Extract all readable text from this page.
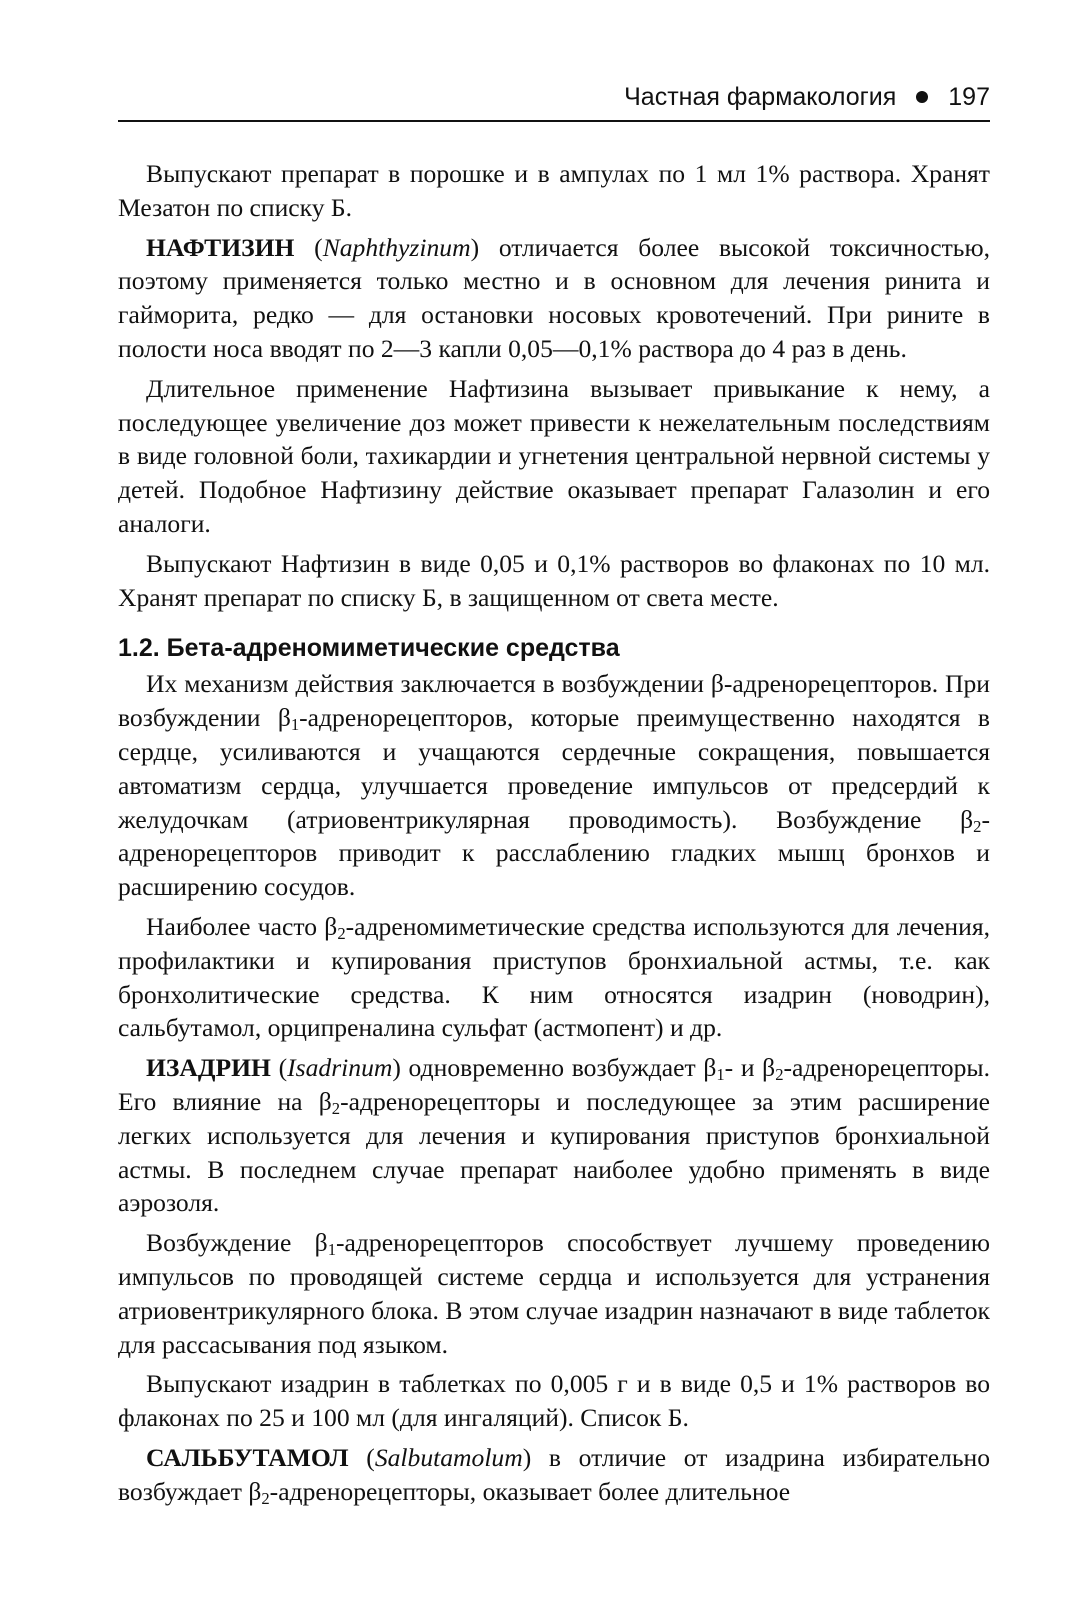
Частная фармакология 197

Выпускают препарат в порошке и в ампулах по 1 мл 1% раствора. Хранят Мезатон по списку Б.

НАФТИЗИН (Naphthyzinum) отличается более высокой токсичностью, поэтому применяется только местно и в основном для лечения ринита и гайморита, редко — для остановки носовых кровотечений. При рините в полости носа вводят по 2—3 капли 0,05—0,1% раствора до 4 раз в день.

Длительное применение Нафтизина вызывает привыкание к нему, а последующее увеличение доз может привести к нежелательным последствиям в виде головной боли, тахикардии и угнетения центральной нервной системы у детей. Подобное Нафтизину действие оказывает препарат Галазолин и его аналоги.

Выпускают Нафтизин в виде 0,05 и 0,1% растворов во флаконах по 10 мл. Хранят препарат по списку Б, в защищенном от света месте.

1.2. Бета-адреномиметические средства

Их механизм действия заключается в возбуждении β-адренорецепторов. При возбуждении $\beta_1$-адренорецепторов, которые преимущественно находятся в сердце, усиливаются и учащаются сердечные сокращения, повышается автоматизм сердца, улучшается проведение импульсов от предсердий к желудочкам (атриовентрикулярная проводимость). Возбуждение $\beta_2$-адренорецепторов приводит к расслаблению гладких мышц бронхов и расширению сосудов.

Наиболее часто $\beta_2$-адреномиметические средства используются для лечения, профилактики и купирования приступов бронхиальной астмы, т.е. как бронхолитические средства. К ним относятся изадрин (новодрин), сальбутамол, орципреналина сульфат (астмопент) и др.

ИЗАДРИН (Isadrinum) одновременно возбуждает $\beta_1-$ и $\beta_2$-адренорецепторы. Его влияние на $\beta_2$-адренорецепторы и последующее за этим расширение легких используется для лечения и купирования приступов бронхиальной астмы. В последнем случае препарат наиболее удобно применять в виде аэрозоля.

Возбуждение $\beta_1$-адренорецепторов способствует лучшему проведению импульсов по проводящей системе сердца и используется для устранения атриовентрикулярного блока. В этом случае изадрин назначают в виде таблеток для рассасывания под языком.

Выпускают изадрин в таблетках по 0,005 г и в виде 0,5 и 1% растворов во флаконах по 25 и 100 мл (для ингаляций). Список Б.

САЛЬБУТАМОЛ (Salbutamolum) в отличие от изадрина избирательно возбуждает $\beta_2$-адренорецепторы, оказывает более длительное
